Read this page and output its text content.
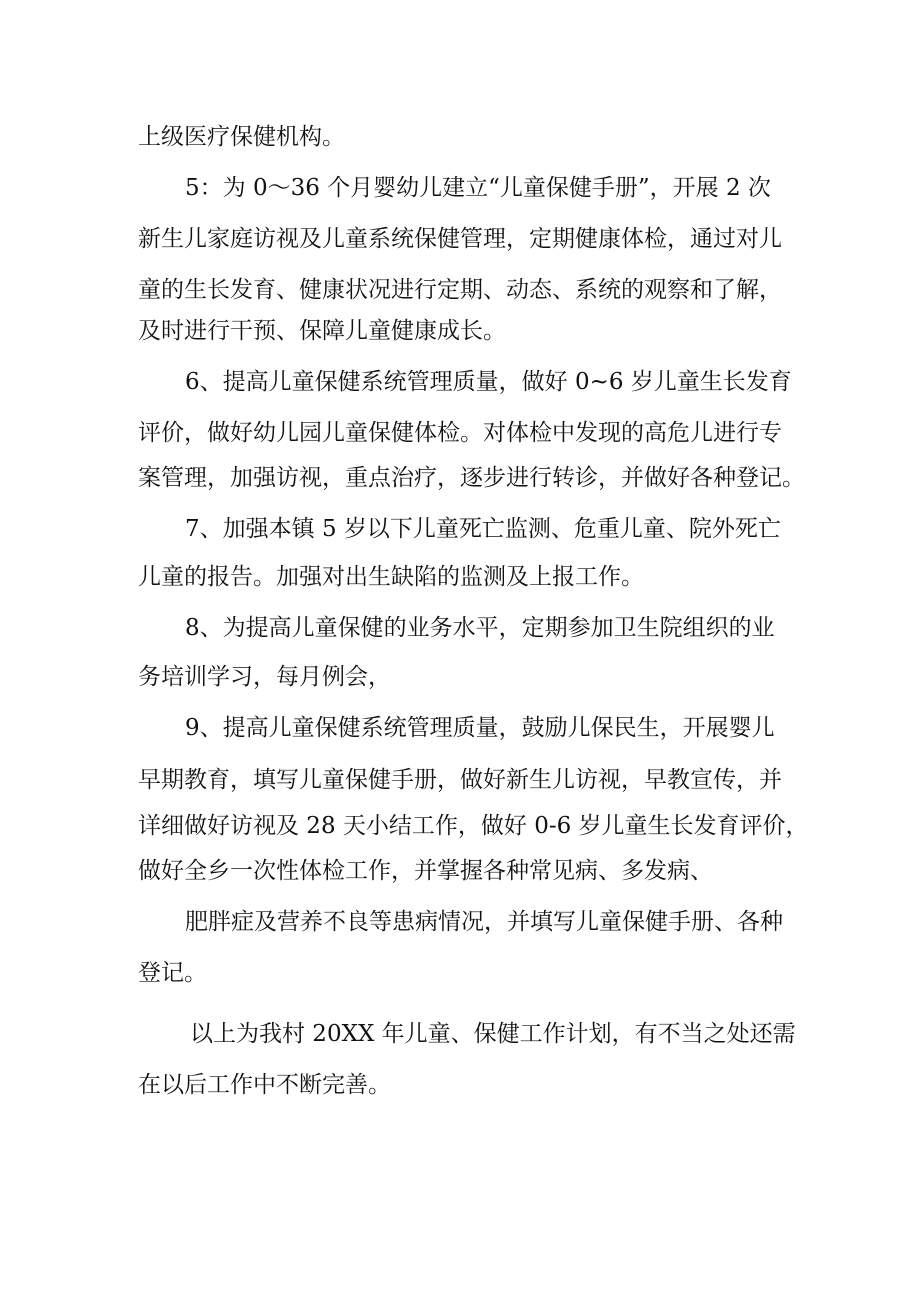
上级医疗保健机构。
5：为 0～36 个月婴幼儿建立“儿童保健手册”，开展 2 次
新生儿家庭访视及儿童系统保健管理，定期健康体检，通过对儿
童的生长发育、健康状况进行定期、动态、系统的观察和了解，
及时进行干预、保障儿童健康成长。
6、提高儿童保健系统管理质量，做好 0~6 岁儿童生长发育
评价，做好幼儿园儿童保健体检。对体检中发现的高危儿进行专
案管理，加强访视，重点治疗，逐步进行转诊，并做好各种登记。
7、加强本镇 5 岁以下儿童死亡监测、危重儿童、院外死亡
儿童的报告。加强对出生缺陷的监测及上报工作。
8、为提高儿童保健的业务水平，定期参加卫生院组织的业
务培训学习，每月例会，
9、提高儿童保健系统管理质量，鼓励儿保民生，开展婴儿
早期教育，填写儿童保健手册，做好新生儿访视，早教宣传，并
详细做好访视及 28 天小结工作，做好 0-6 岁儿童生长发育评价，
做好全乡一次性体检工作，并掌握各种常见病、多发病、
肥胖症及营养不良等患病情况，并填写儿童保健手册、各种
登记。
以上为我村 20XX 年儿童、保健工作计划，有不当之处还需
在以后工作中不断完善。
